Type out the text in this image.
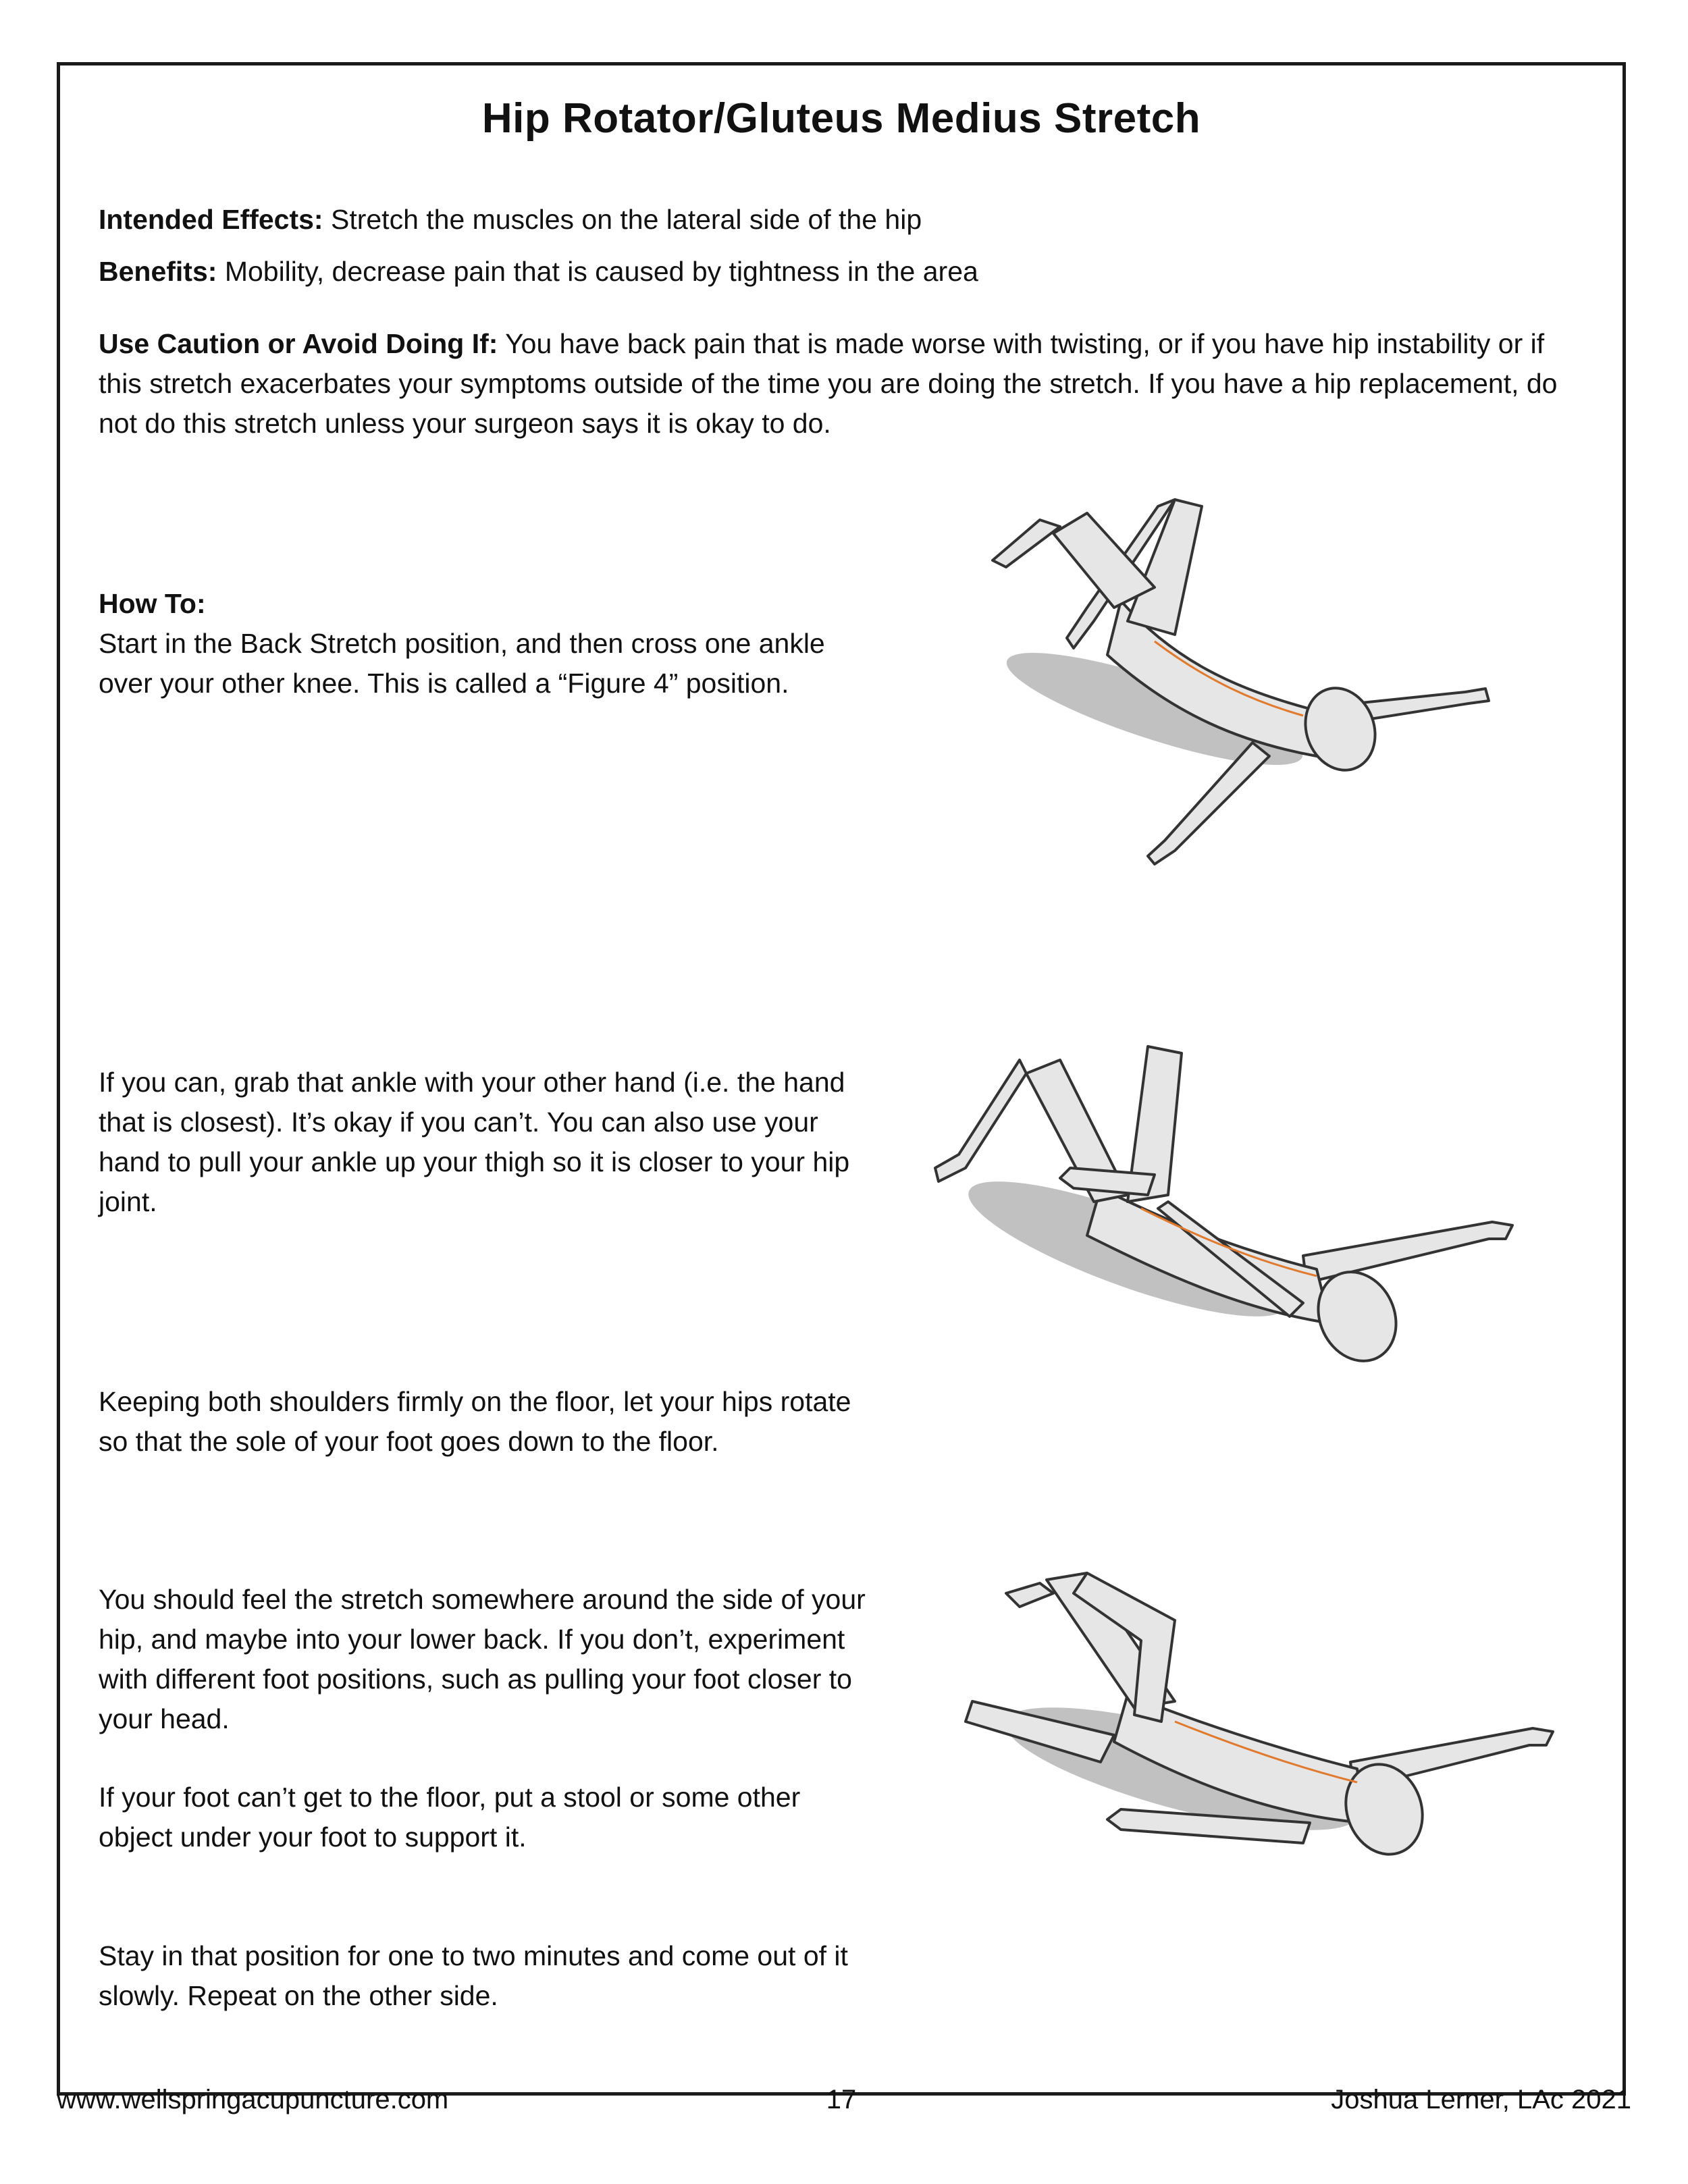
Hip Rotator/Gluteus Medius Stretch

Intended Effects: Stretch the muscles on the lateral side of the hip

Benefits: Mobility, decrease pain that is caused by tightness in the area

Use Caution or Avoid Doing If: You have back pain that is made worse with twisting, or if you have hip instability or if this stretch exacerbates your symptoms outside of the time you are doing the stretch. If you have a hip replacement, do not do this stretch unless your surgeon says it is okay to do.

How To:
Start in the Back Stretch position, and then cross one ankle over your other knee. This is called a “Figure 4” position.

If you can, grab that ankle with your other hand (i.e. the hand that is closest). It’s okay if you can’t. You can also use your hand to pull your ankle up your thigh so it is closer to your hip joint.

Keeping both shoulders firmly on the floor, let your hips rotate so that the sole of your foot goes down to the floor.

You should feel the stretch somewhere around the side of your hip, and maybe into your lower back. If you don’t, experiment with different foot positions, such as pulling your foot closer to your head.

If your foot can’t get to the floor, put a stool or some other object under your foot to support it.

Stay in that position for one to two minutes and come out of it slowly. Repeat on the other side.

www.wellspringacupuncture.com	17	Joshua Lerner, LAc 2021
